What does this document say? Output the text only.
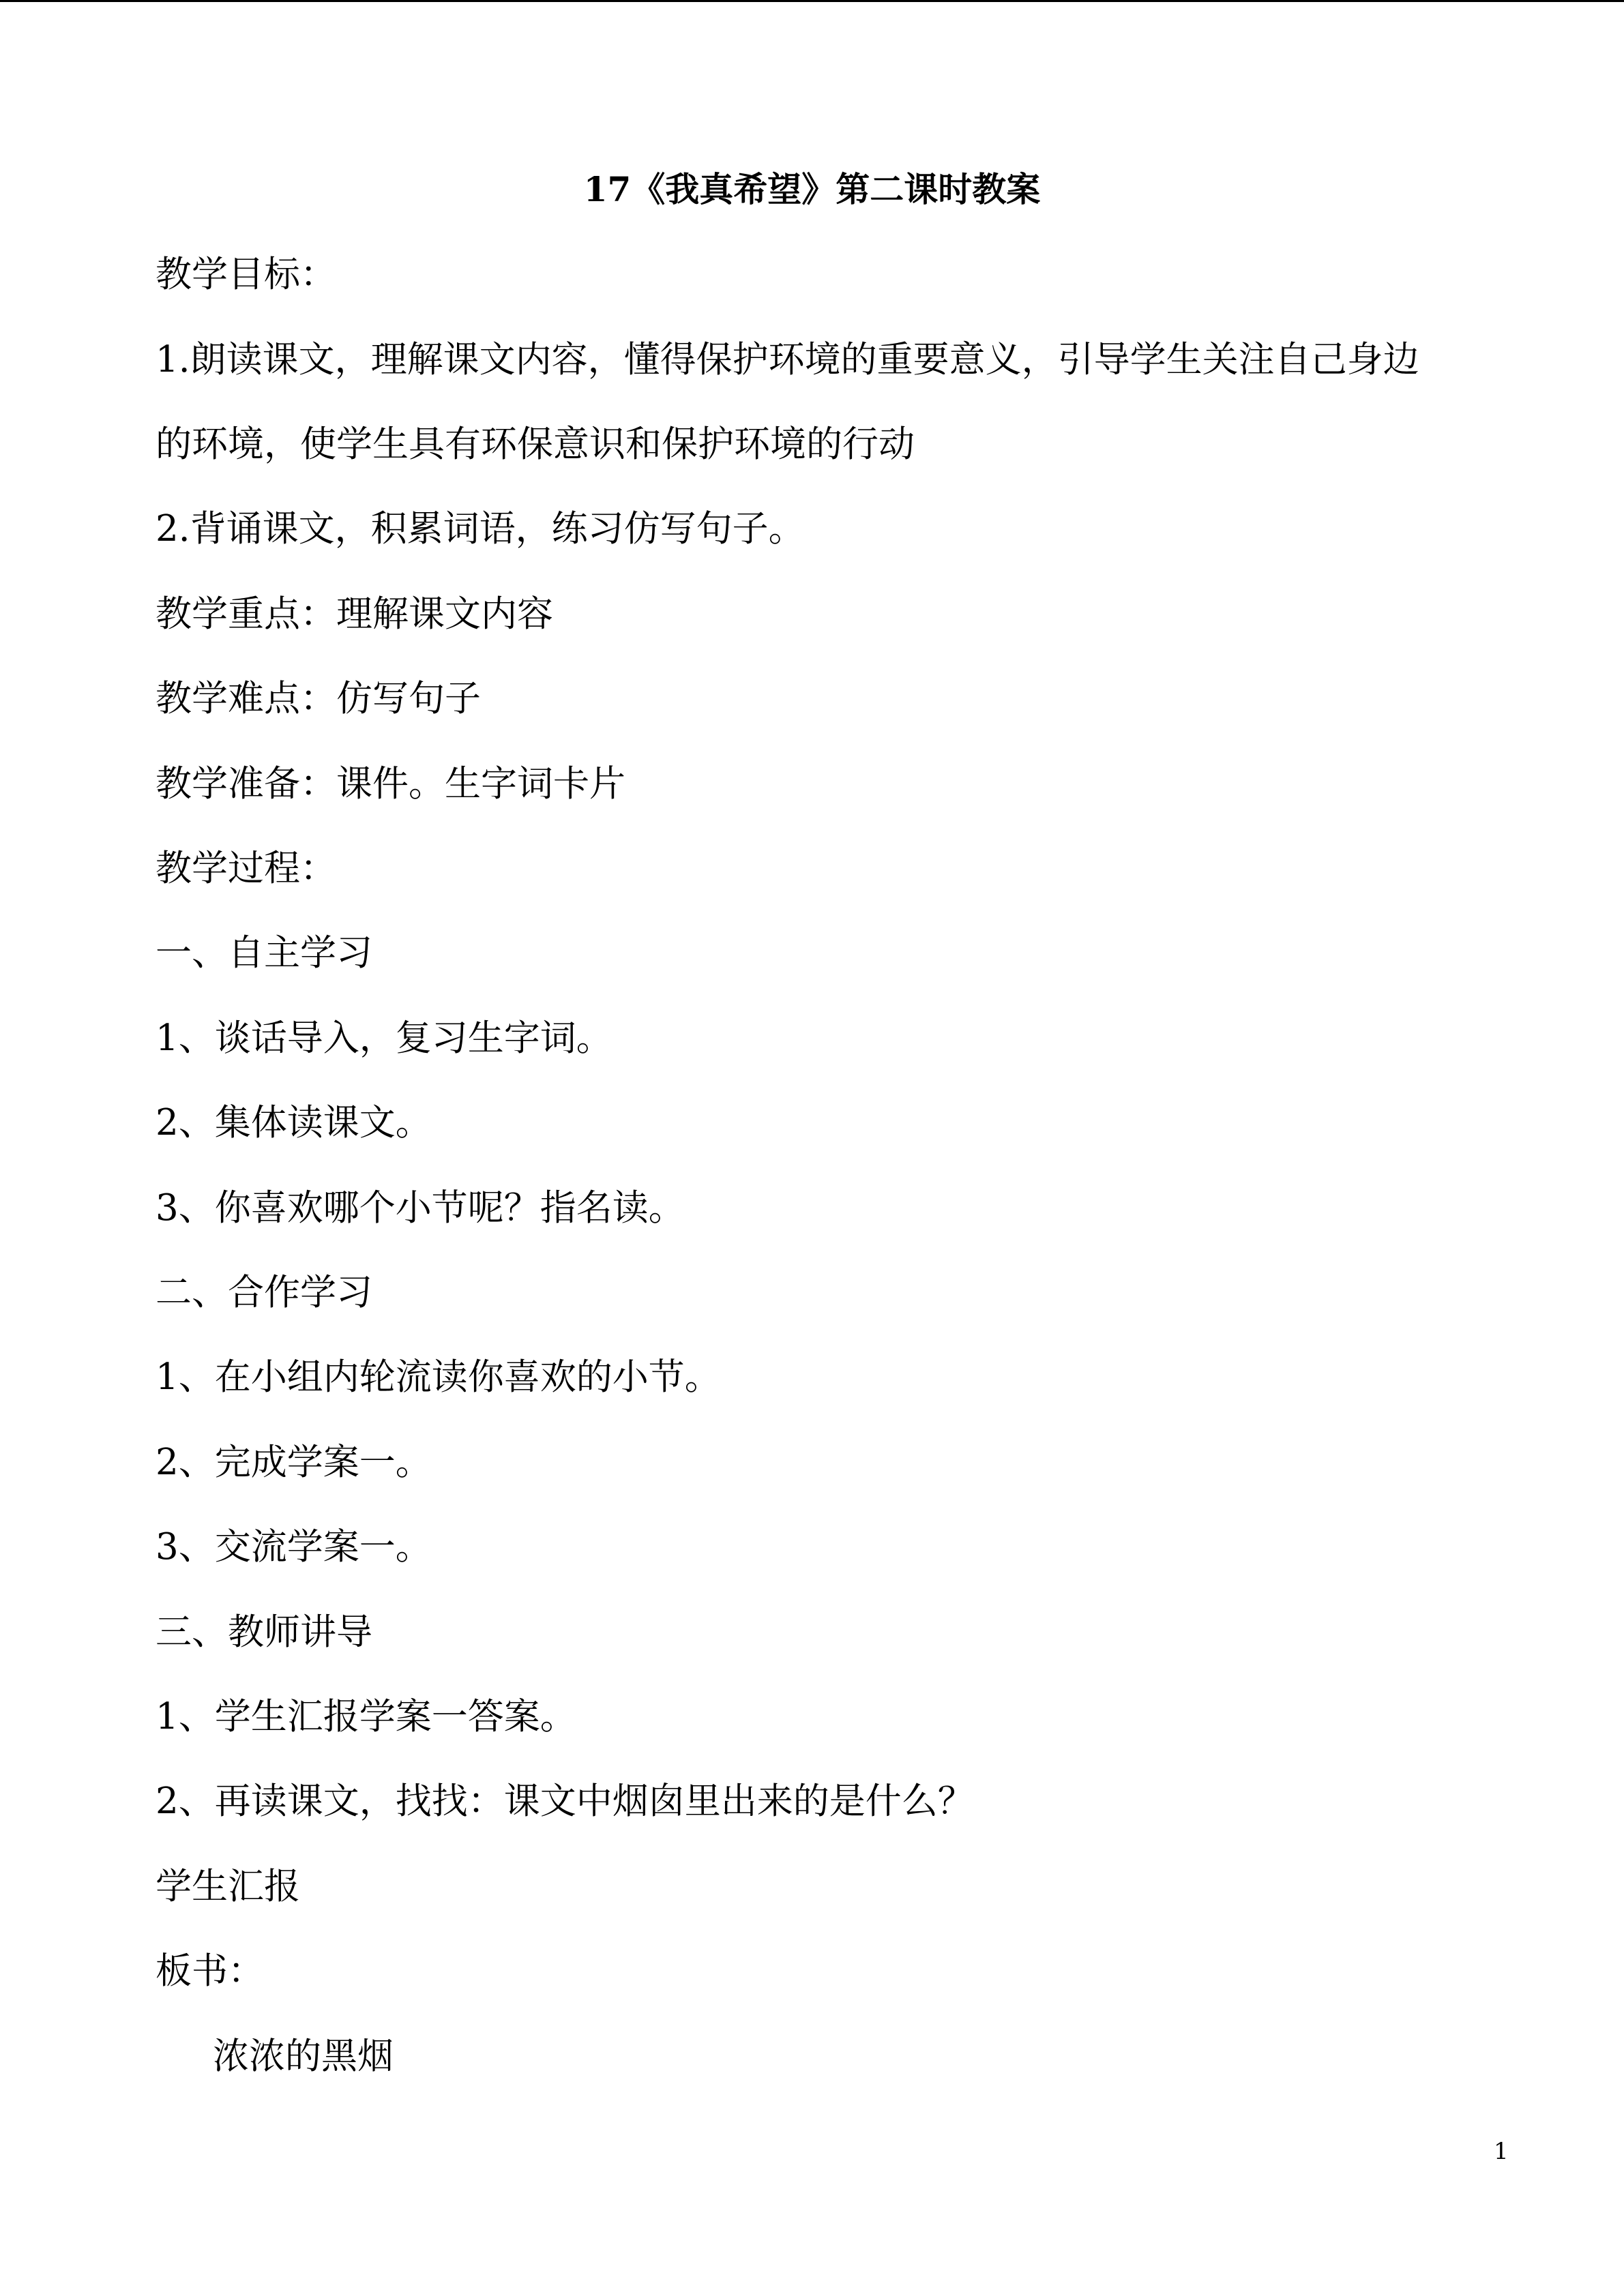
17《我真希望》第二课时教案
教学目标：
1.朗读课文，理解课文内容，懂得保护环境的重要意义，引导学生关注自己身边
的环境，使学生具有环保意识和保护环境的行动
2.背诵课文，积累词语，练习仿写句子。
教学重点：理解课文内容
教学难点：仿写句子
教学准备：课件。生字词卡片
教学过程：
一、自主学习
1、谈话导入，复习生字词。
2、集体读课文。
3、你喜欢哪个小节呢？指名读。
二、合作学习
1、在小组内轮流读你喜欢的小节。
2、完成学案一。
3、交流学案一。
三、教师讲导
1、学生汇报学案一答案。
2、再读课文，找找：课文中烟囱里出来的是什么？
学生汇报
板书：
浓浓的黑烟
1
